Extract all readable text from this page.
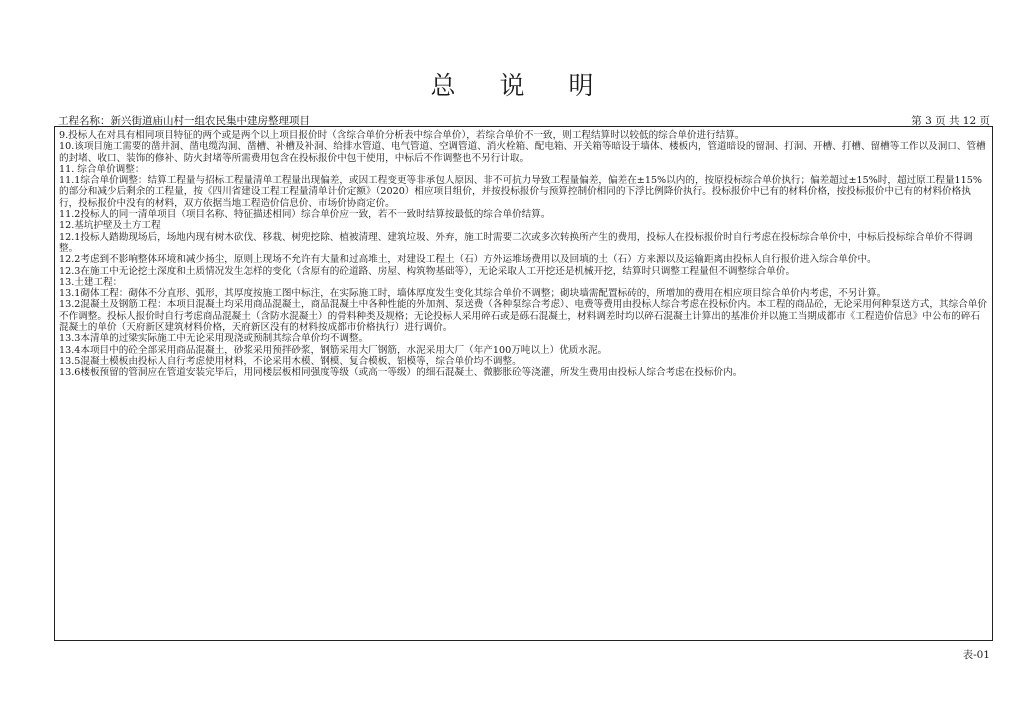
总 说 明
工程名称：新兴街道庙山村一组农民集中建房整理项目	第 3 页 共 12 页

9.投标人在对具有相同项目特征的两个或是两个以上项目报价时（含综合单价分析表中综合单价），若综合单价不一致，则工程结算时以较低的综合单价进行结算。

10.该项目施工需要的凿井洞、凿电缆沟洞、凿槽、补槽及补洞、给排水管道、电气管道、空调管道、消火栓箱、配电箱、开关箱等暗设于墙体、楼板内，管道暗设的留洞、打洞、开槽、打槽、留槽等工作以及洞口、管槽的封堵、收口、装饰的修补、防火封堵等所需费用包含在投标报价中包干使用，中标后不作调整也不另行计取。

11. 综合单价调整：

11.1综合单价调整：结算工程量与招标工程量清单工程量出现偏差，或因工程变更等非承包人原因、非不可抗力导致工程量偏差，偏差在±15%以内的，按原投标综合单价执行；偏差超过±15%时，超过原工程量115%的部分和减少后剩余的工程量，按《四川省建设工程工程量清单计价定额》（2020）相应项目组价，并按投标报价与预算控制价相同的下浮比例降价执行。投标报价中已有的材料价格，按投标报价中已有的材料价格执行，投标报价中没有的材料，双方依据当地工程造价信息价、市场价协商定价。

11.2投标人的同一清单项目（项目名称、特征描述相同）综合单价应一致，若不一致时结算按最低的综合单价结算。

12.基坑护壁及土方工程

12.1投标人踏勘现场后，场地内现有树木砍伐、移栽、树兜挖除、植被清理、建筑垃圾、外弃，施工时需要二次或多次转换所产生的费用，投标人在投标报价时自行考虑在投标综合单价中，中标后投标综合单价不得调整。

12.2考虑到不影响整体环境和减少扬尘，原则上现场不允许有大量和过高堆土，对建设工程土（石）方外运堆场费用以及回填的土（石）方来源以及运输距离由投标人自行报价进入综合单价中。

12.3在施工中无论挖土深度和土质情况发生怎样的变化（含原有的砼道路、房屋、构筑物基础等），无论采取人工开挖还是机械开挖，结算时只调整工程量但不调整综合单价。

13.土建工程：

13.1砌体工程：砌体不分直形、弧形，其厚度按施工图中标注，在实际施工时，墙体厚度发生变化其综合单价不调整；砌块墙需配置标砖的，所增加的费用在相应项目综合单价内考虑，不另计算。

13.2混凝土及钢筋工程：本项目混凝土均采用商品混凝土，商品混凝土中各种性能的外加剂、泵送费（各种泵综合考虑）、电费等费用由投标人综合考虑在投标价内。本工程的商品砼，无论采用何种泵送方式，其综合单价不作调整。投标人报价时自行考虑商品混凝土（含防水混凝土）的骨料种类及规格；无论投标人采用碎石或是砾石混凝土，材料调差时均以碎石混凝土计算出的基准价并以施工当期成都市《工程造价信息》中公布的碎石混凝土的单价（天府新区建筑材料价格，天府新区没有的材料按成都市价格执行）进行调价。

13.3本清单的过梁实际施工中无论采用现浇或预制其综合单价均不调整。

13.4本项目中的砼全部采用商品混凝土，砂浆采用预拌砂浆，钢筋采用大厂钢筋，水泥采用大厂（年产100万吨以上）优质水泥。

13.5混凝土模板由投标人自行考虑使用材料，不论采用木模、钢模、复合模板、铝模等，综合单价均不调整。

13.6楼板预留的管洞应在管道安装完毕后，用同楼层板相同强度等级（或高一等级）的细石混凝土、微膨胀砼等浇灌，所发生费用由投标人综合考虑在投标价内。

表-01
